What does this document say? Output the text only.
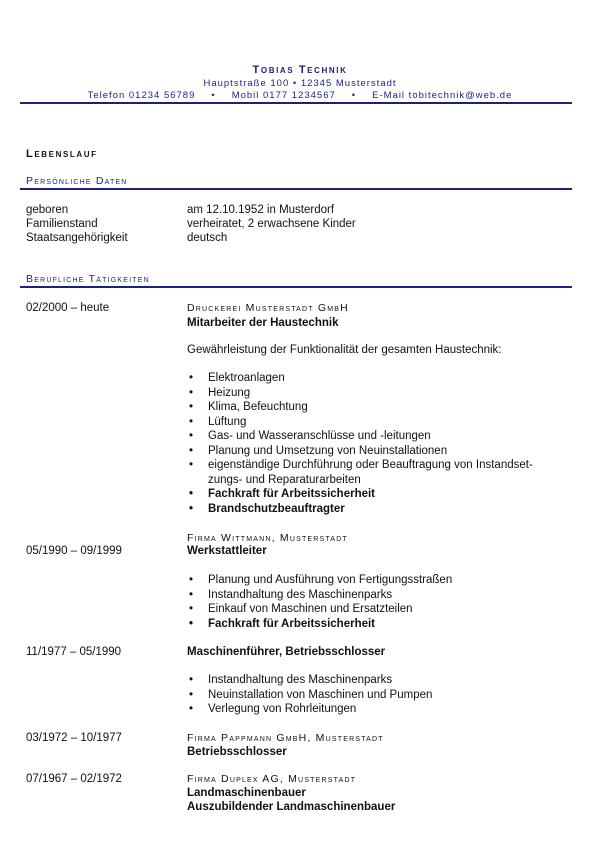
Tobias Technik
Hauptstraße 100 • 12345 Musterstadt
Telefon 01234 56789 • Mobil 0177 1234567 • E-Mail tobitechnik@web.de
Lebenslauf
Persönliche Daten
geboren	am 12.10.1952 in Musterdorf
Familienstand	verheiratet, 2 erwachsene Kinder
Staatsangehörigkeit	deutsch
Berufliche Tätigkeiten
02/2000 – heute	Druckerei Musterstadt GmbH
Mitarbeiter der Haustechnik
Gewährleistung der Funktionalität der gesamten Haustechnik:
• Elektroanlagen
• Heizung
• Klima, Befeuchtung
• Lüftung
• Gas- und Wasseranschlüsse und -leitungen
• Planung und Umsetzung von Neuinstallationen
• eigenständige Durchführung oder Beauftragung von Instandset-
zungs- und Reparaturarbeiten
• Fachkraft für Arbeitssicherheit
• Brandschutzbeauftragter
Firma Wittmann, Musterstadt
05/1990 – 09/1999	Werkstattleiter
• Planung und Ausführung von Fertigungsstraßen
• Instandhaltung des Maschinenparks
• Einkauf von Maschinen und Ersatzteilen
• Fachkraft für Arbeitssicherheit
11/1977 – 05/1990	Maschinenführer, Betriebsschlosser
• Instandhaltung des Maschinenparks
• Neuinstallation von Maschinen und Pumpen
• Verlegung von Rohrleitungen
03/1972 – 10/1977	Firma Pappmann GmbH, Musterstadt
Betriebsschlosser
07/1967 – 02/1972	Firma Duplex AG, Musterstadt
Landmaschinenbauer
Auszubildender Landmaschinenbauer
